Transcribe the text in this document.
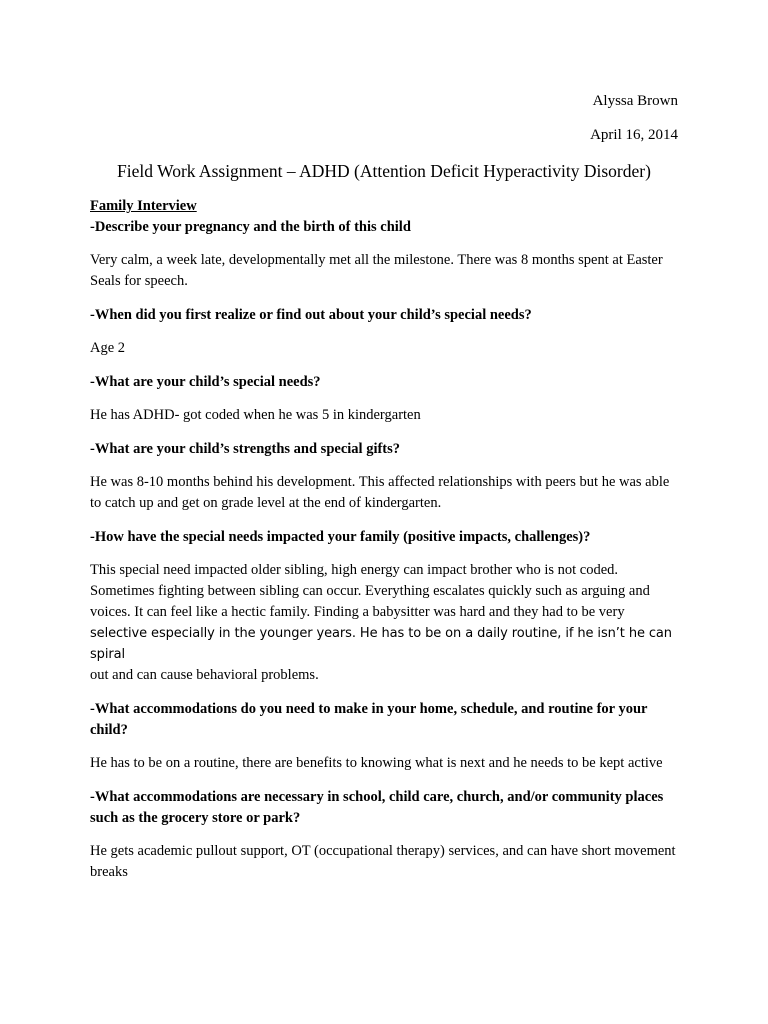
Alyssa Brown
April 16, 2014
Field Work Assignment – ADHD (Attention Deficit Hyperactivity Disorder)
Family Interview

-Describe your pregnancy and the birth of this child

Very calm, a week late, developmentally met all the milestone. There was 8 months spent at Easter Seals for speech.

-When did you first realize or find out about your child’s special needs?

Age 2

-What are your child’s special needs?

He has ADHD- got coded when he was 5 in kindergarten

-What are your child’s strengths and special gifts?

He was 8-10 months behind his development. This affected relationships with peers but he was able to catch up and get on grade level at the end of kindergarten.

-How have the special needs impacted your family (positive impacts, challenges)?

This special need impacted older sibling, high energy can impact brother who is not coded. Sometimes fighting between sibling can occur. Everything escalates quickly such as arguing and voices. It can feel like a hectic family. Finding a babysitter was hard and they had to be very
selective especially in the younger years. He has to be on a daily routine, if he isn’t he can spiral
out and can cause behavioral problems.

-What accommodations do you need to make in your home, schedule, and routine for your child?

He has to be on a routine, there are benefits to knowing what is next and he needs to be kept active

-What accommodations are necessary in school, child care, church, and/or community places such as the grocery store or park?

He gets academic pullout support, OT (occupational therapy) services, and can have short movement breaks
